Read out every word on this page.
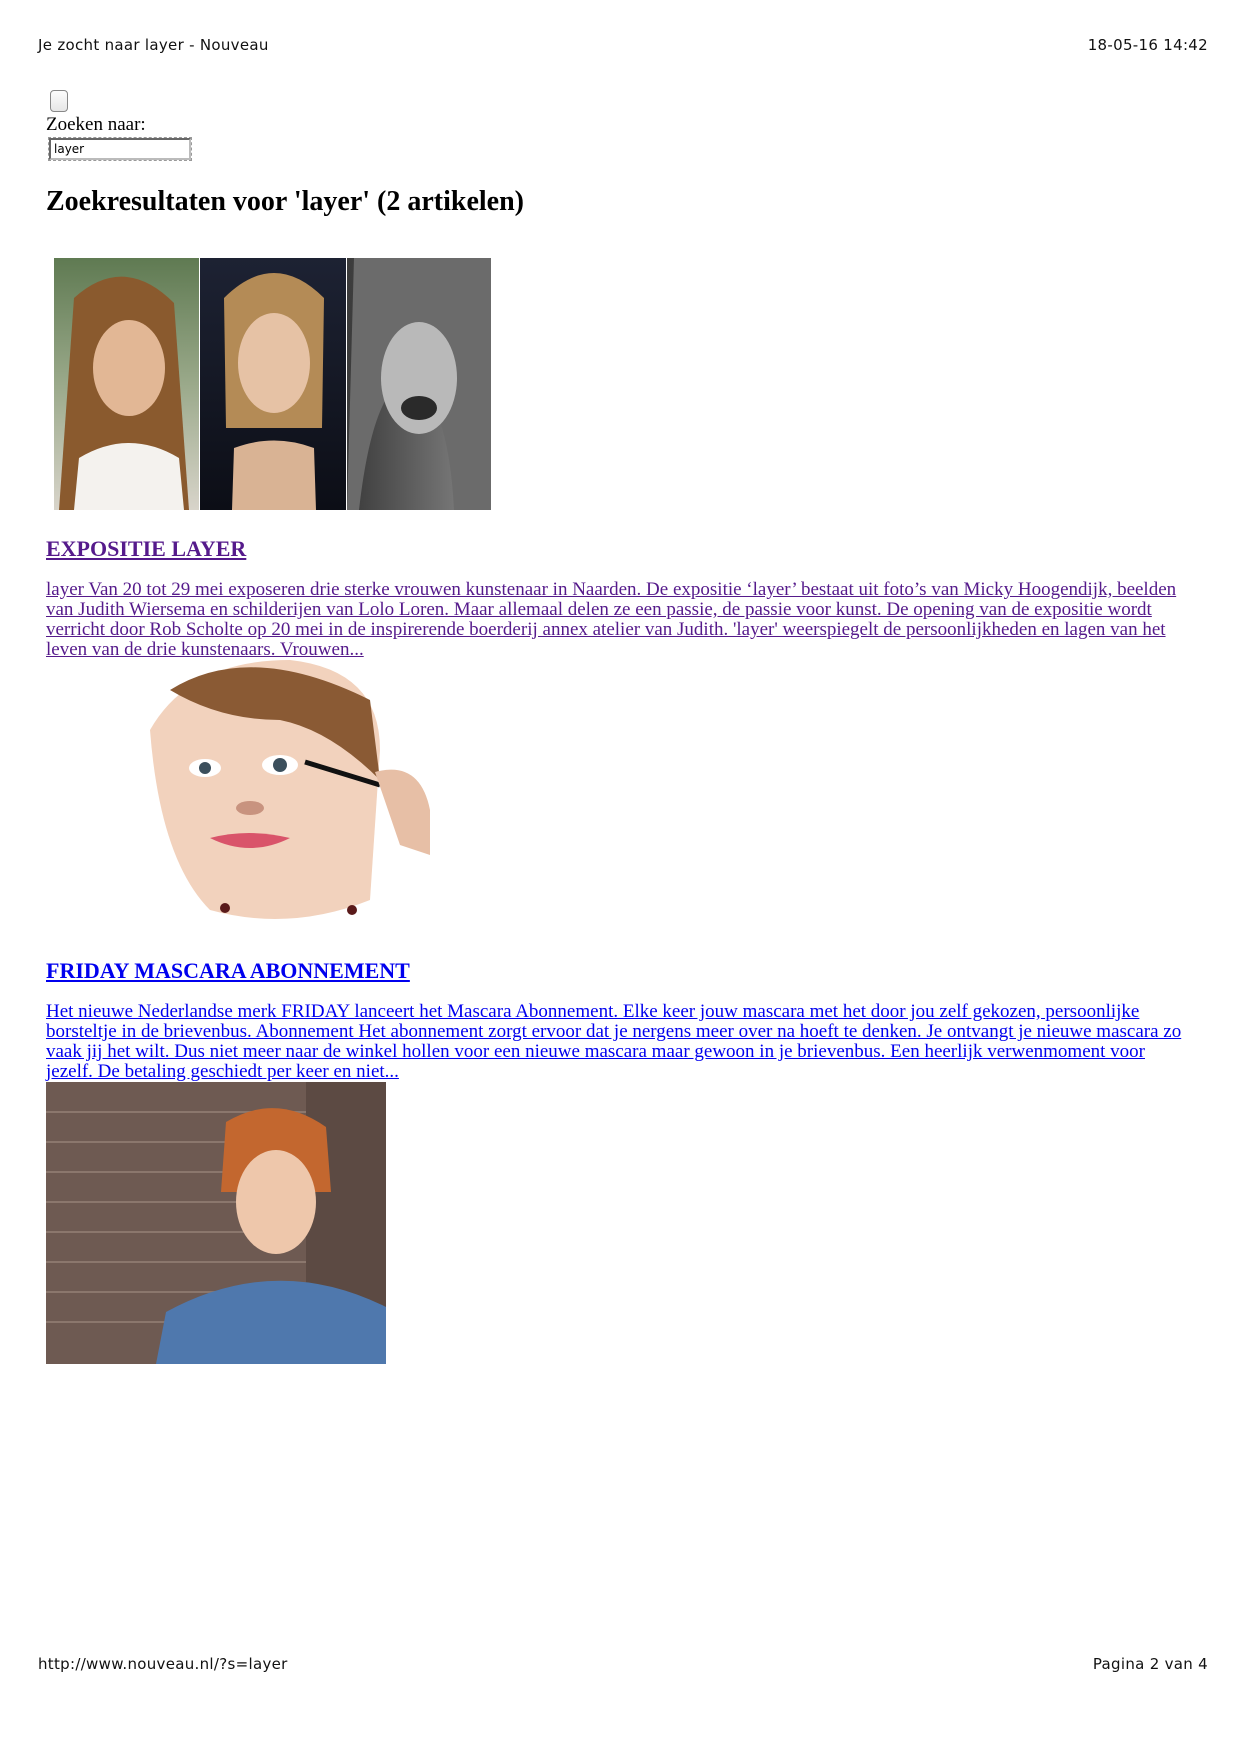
Je zocht naar layer - Nouveau	18-05-16 14:42
Zoeken naar:
layer
Zoekresultaten voor 'layer' (2 artikelen)
EXPOSITIE LAYER
layer Van 20 tot 29 mei exposeren drie sterke vrouwen kunstenaar in Naarden. De expositie ‘layer’ bestaat uit foto’s van Micky Hoogendijk, beelden van Judith Wiersema en schilderijen van Lolo Loren. Maar allemaal delen ze een passie, de passie voor kunst. De opening van de expositie wordt verricht door Rob Scholte op 20 mei in de inspirerende boerderij annex atelier van Judith. 'layer' weerspiegelt de persoonlijkheden en lagen van het leven van de drie kunstenaars. Vrouwen...
FRIDAY MASCARA ABONNEMENT
Het nieuwe Nederlandse merk FRIDAY lanceert het Mascara Abonnement. Elke keer jouw mascara met het door jou zelf gekozen, persoonlijke borsteltje in de brievenbus. Abonnement Het abonnement zorgt ervoor dat je nergens meer over na hoeft te denken. Je ontvangt je nieuwe mascara zo vaak jij het wilt. Dus niet meer naar de winkel hollen voor een nieuwe mascara maar gewoon in je brievenbus. Een heerlijk verwenmoment voor jezelf. De betaling geschiedt per keer en niet...
http://www.nouveau.nl/?s=layer	Pagina 2 van 4
